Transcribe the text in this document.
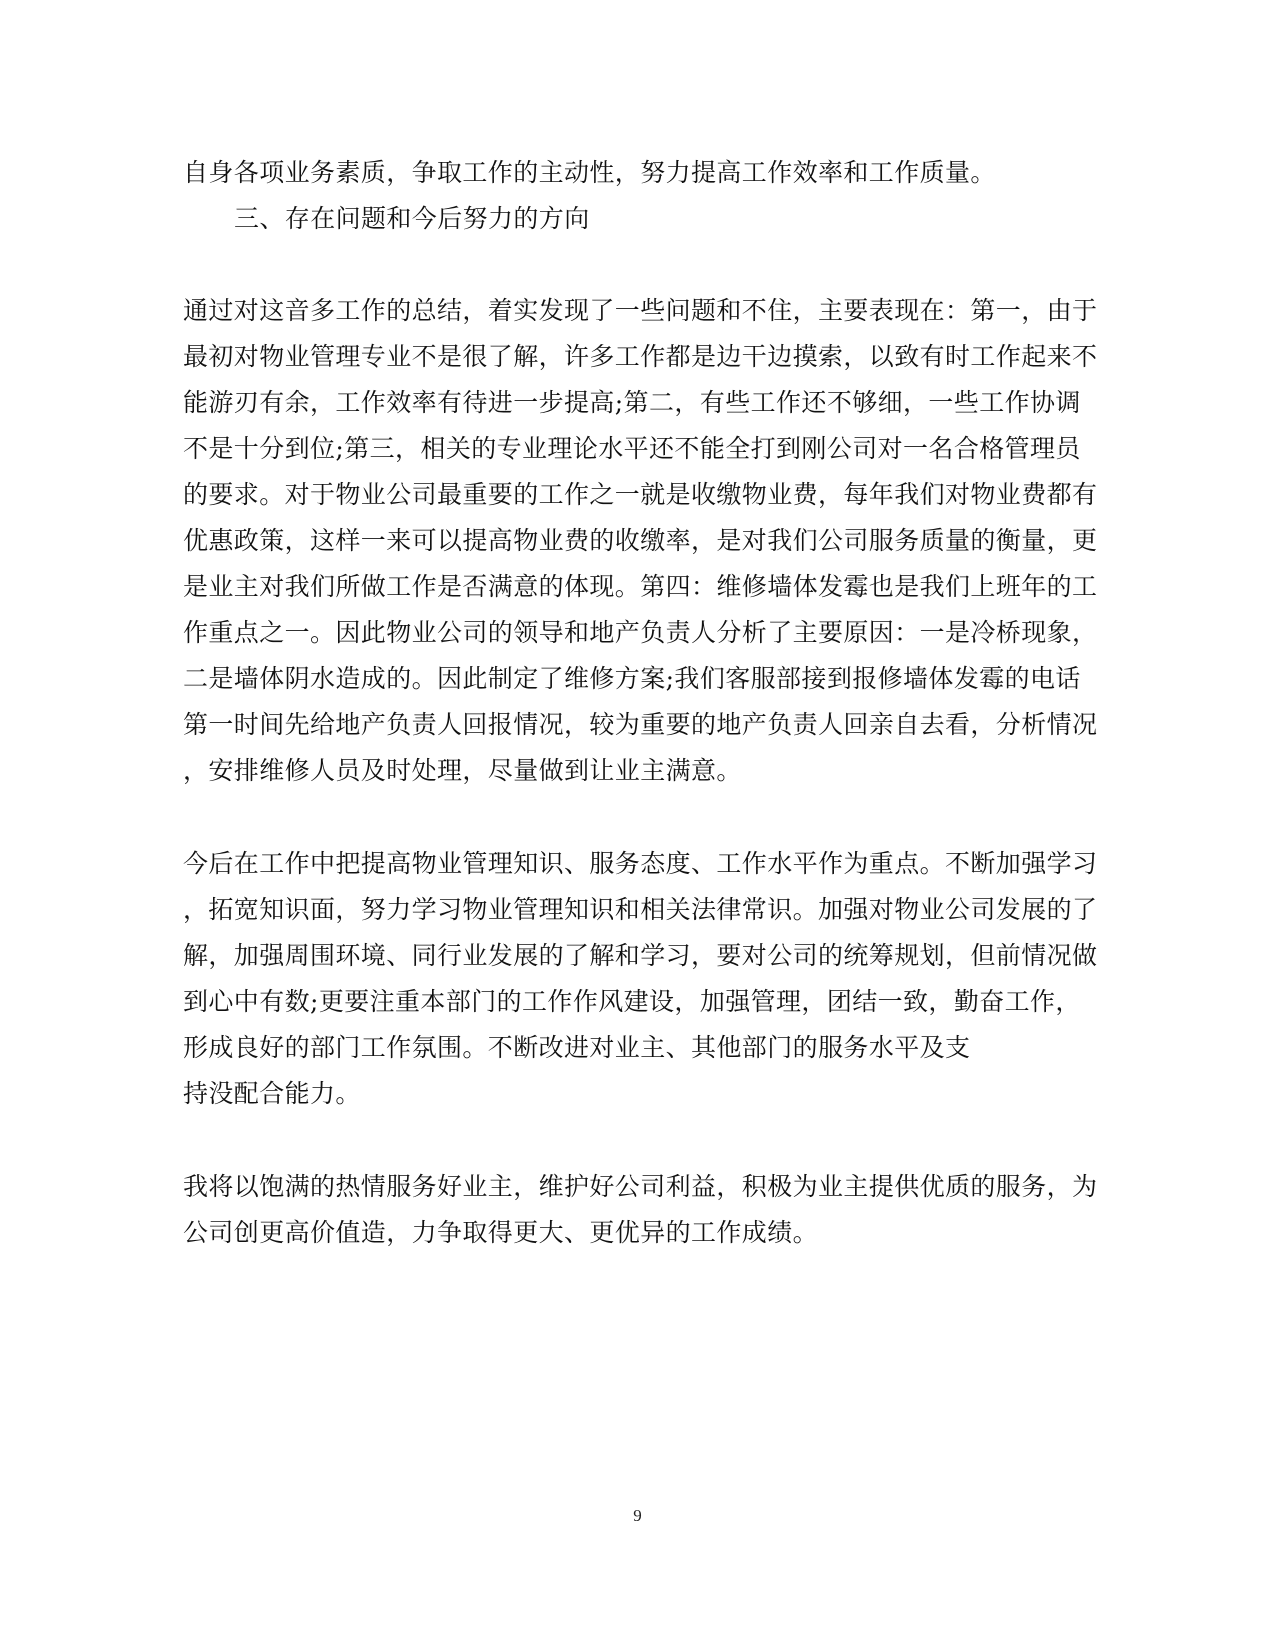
自身各项业务素质，争取工作的主动性，努力提高工作效率和工作质量。
三、存在问题和今后努力的方向
通过对这音多工作的总结，着实发现了一些问题和不住，主要表现在：第一，由于
最初对物业管理专业不是很了解，许多工作都是边干边摸索，以致有时工作起来不
能游刃有余，工作效率有待进一步提高;第二，有些工作还不够细，一些工作协调
不是十分到位;第三，相关的专业理论水平还不能全打到刚公司对一名合格管理员
的要求。对于物业公司最重要的工作之一就是收缴物业费，每年我们对物业费都有
优惠政策，这样一来可以提高物业费的收缴率，是对我们公司服务质量的衡量，更
是业主对我们所做工作是否满意的体现。第四：维修墙体发霉也是我们上班年的工
作重点之一。因此物业公司的领导和地产负责人分析了主要原因：一是冷桥现象，
二是墙体阴水造成的。因此制定了维修方案;我们客服部接到报修墙体发霉的电话
第一时间先给地产负责人回报情况，较为重要的地产负责人回亲自去看，分析情况
，安排维修人员及时处理，尽量做到让业主满意。
今后在工作中把提高物业管理知识、服务态度、工作水平作为重点。不断加强学习
，拓宽知识面，努力学习物业管理知识和相关法律常识。加强对物业公司发展的了
解，加强周围环境、同行业发展的了解和学习，要对公司的统筹规划，但前情况做
到心中有数;更要注重本部门的工作作风建设，加强管理，团结一致，勤奋工作，
形成良好的部门工作氛围。不断改进对业主、其他部门的服务水平及支
持没配合能力。
我将以饱满的热情服务好业主，维护好公司利益，积极为业主提供优质的服务，为
公司创更高价值造，力争取得更大、更优异的工作成绩。
9
